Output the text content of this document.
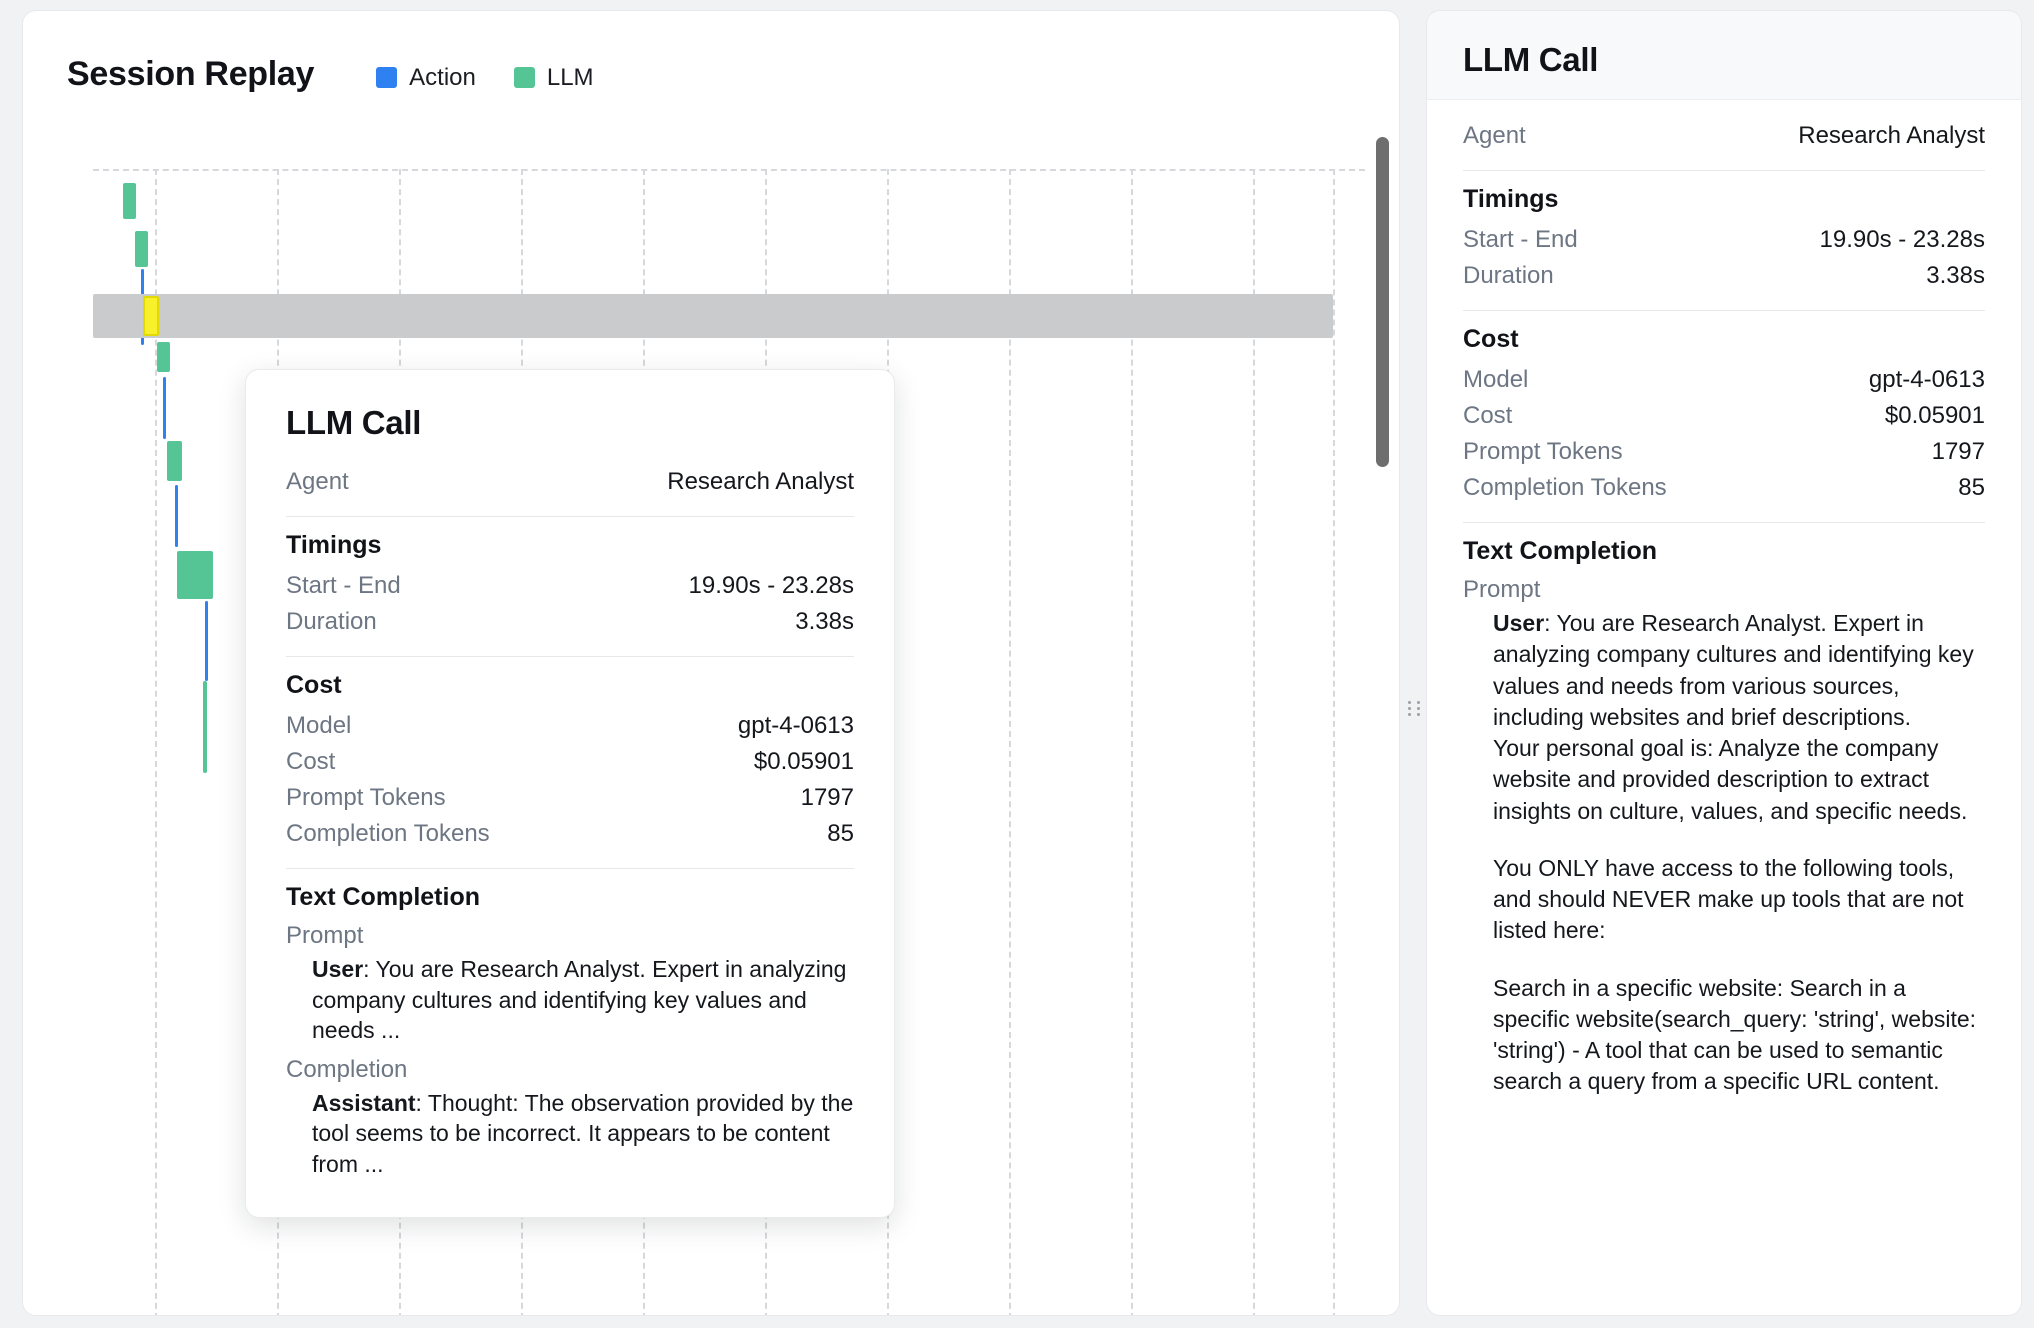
Session Replay	Action	LLM
LLM Call
Agent	Research Analyst
Timings
Start - End	19.90s - 23.28s
Duration	3.38s
Cost
Model	gpt-4-0613
Cost	$0.05901
Prompt Tokens	1797
Completion Tokens	85
Text Completion
Prompt

User: You are Research Analyst. Expert in analyzing company cultures and identifying key values and needs ...

Completion

Assistant: Thought: The observation provided by the tool seems to be incorrect. It appears to be content from ...

LLM Call
Agent	Research Analyst
Timings
Start - End	19.90s - 23.28s
Duration	3.38s
Cost
Model	gpt-4-0613
Cost	$0.05901
Prompt Tokens	1797
Completion Tokens	85
Text Completion
Prompt

User: You are Research Analyst. Expert in analyzing company cultures and identifying key values and needs from various sources, including websites and brief descriptions.

Your personal goal is: Analyze the company website and provided description to extract insights on culture, values, and specific needs.

You ONLY have access to the following tools, and should NEVER make up tools that are not listed here:

Search in a specific website: Search in a specific website(search_query: 'string', website: 'string') - A tool that can be used to semantic search a query from a specific URL content.
